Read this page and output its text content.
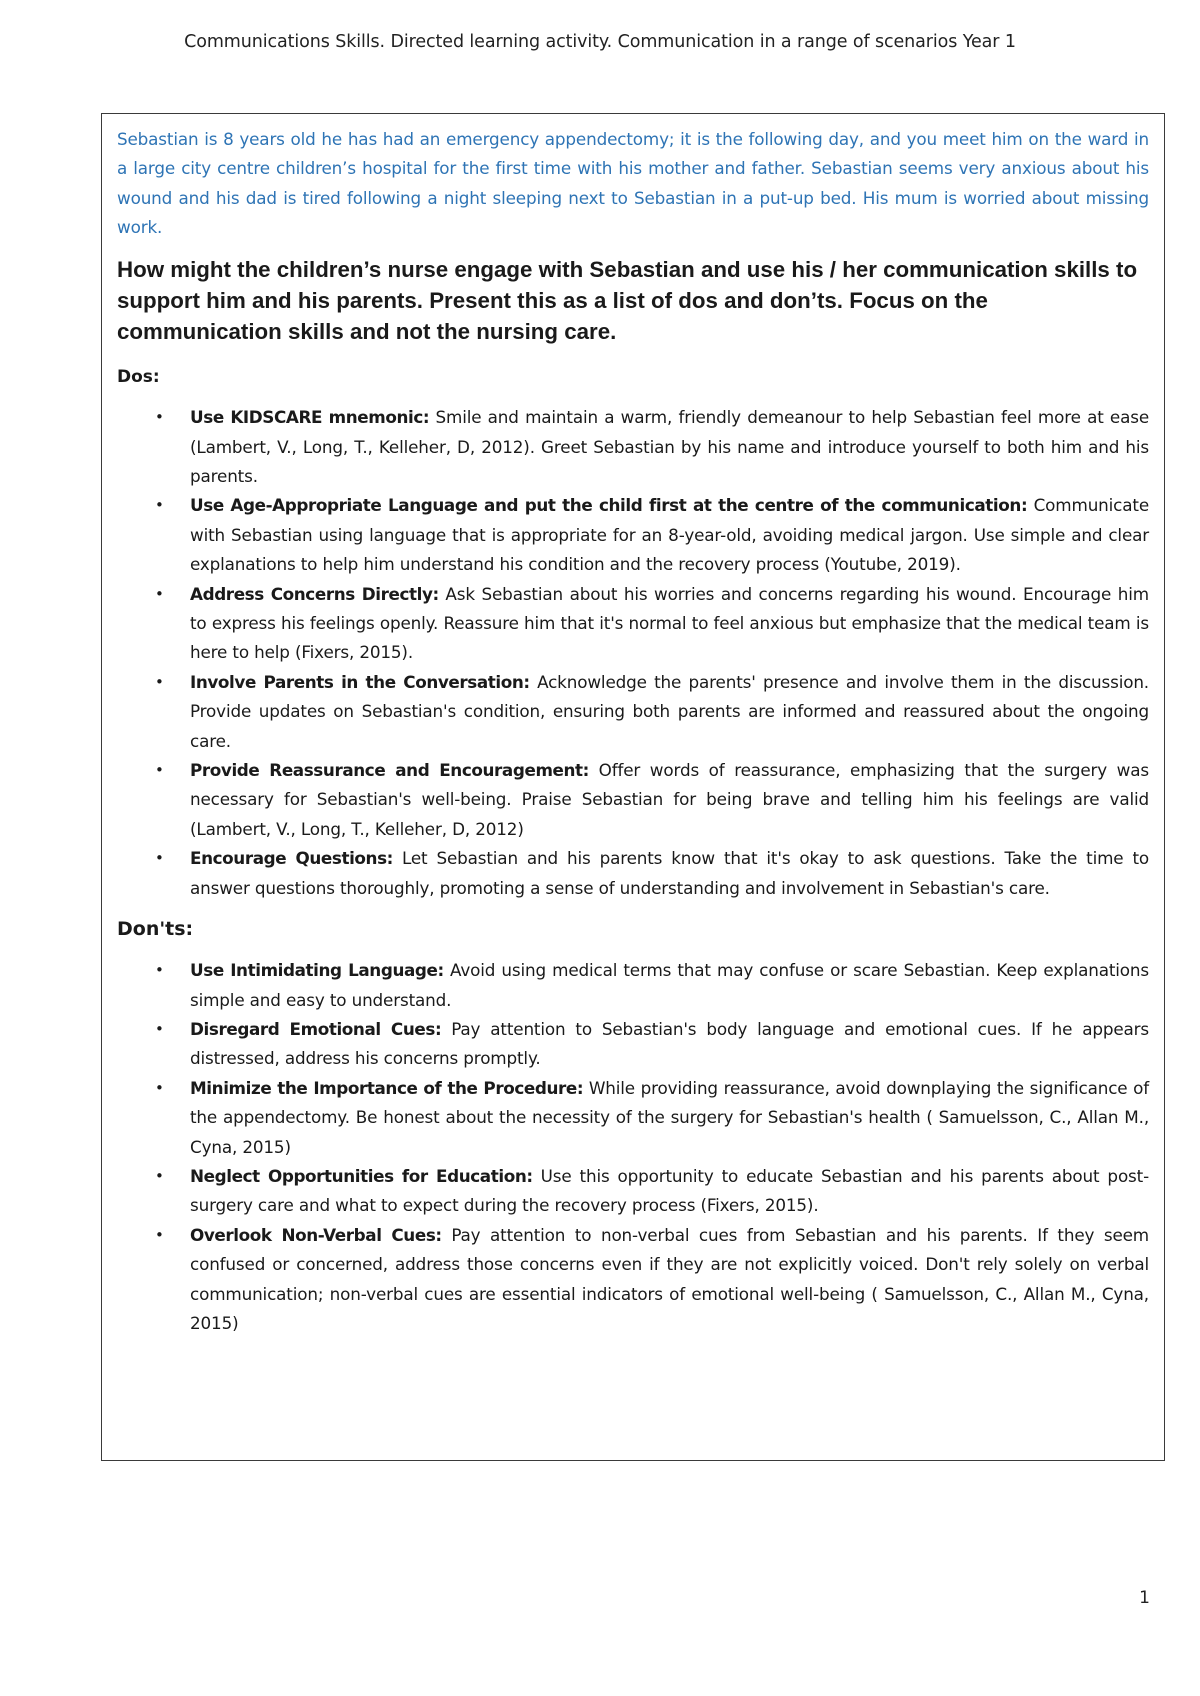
Communications Skills. Directed learning activity. Communication in a range of scenarios Year 1

Sebastian is 8 years old he has had an emergency appendectomy; it is the following day, and you meet him on the ward in a large city centre children’s hospital for the first time with his mother and father. Sebastian seems very anxious about his wound and his dad is tired following a night sleeping next to Sebastian in a put-up bed. His mum is worried about missing work.

How might the children’s nurse engage with Sebastian and use his / her communication skills to support him and his parents. Present this as a list of dos and don’ts. Focus on the communication skills and not the nursing care.

Dos:
• Use KIDSCARE mnemonic: Smile and maintain a warm, friendly demeanour to help Sebastian feel more at ease (Lambert, V., Long, T., Kelleher, D, 2012). Greet Sebastian by his name and introduce yourself to both him and his parents.
• Use Age-Appropriate Language and put the child first at the centre of the communication: Communicate with Sebastian using language that is appropriate for an 8-year-old, avoiding medical jargon. Use simple and clear explanations to help him understand his condition and the recovery process (Youtube, 2019).
• Address Concerns Directly: Ask Sebastian about his worries and concerns regarding his wound. Encourage him to express his feelings openly. Reassure him that it's normal to feel anxious but emphasize that the medical team is here to help (Fixers, 2015).
• Involve Parents in the Conversation: Acknowledge the parents' presence and involve them in the discussion. Provide updates on Sebastian's condition, ensuring both parents are informed and reassured about the ongoing care.
• Provide Reassurance and Encouragement: Offer words of reassurance, emphasizing that the surgery was necessary for Sebastian's well-being. Praise Sebastian for being brave and telling him his feelings are valid (Lambert, V., Long, T., Kelleher, D, 2012)
• Encourage Questions: Let Sebastian and his parents know that it's okay to ask questions. Take the time to answer questions thoroughly, promoting a sense of understanding and involvement in Sebastian's care.
Don'ts:
• Use Intimidating Language: Avoid using medical terms that may confuse or scare Sebastian. Keep explanations simple and easy to understand.
• Disregard Emotional Cues: Pay attention to Sebastian's body language and emotional cues. If he appears distressed, address his concerns promptly.
• Minimize the Importance of the Procedure: While providing reassurance, avoid downplaying the significance of the appendectomy. Be honest about the necessity of the surgery for Sebastian's health ( Samuelsson, C., Allan M., Cyna, 2015)
• Neglect Opportunities for Education: Use this opportunity to educate Sebastian and his parents about post-surgery care and what to expect during the recovery process (Fixers, 2015).
• Overlook Non-Verbal Cues: Pay attention to non-verbal cues from Sebastian and his parents. If they seem confused or concerned, address those concerns even if they are not explicitly voiced. Don't rely solely on verbal communication; non-verbal cues are essential indicators of emotional well-being ( Samuelsson, C., Allan M., Cyna, 2015)
1
